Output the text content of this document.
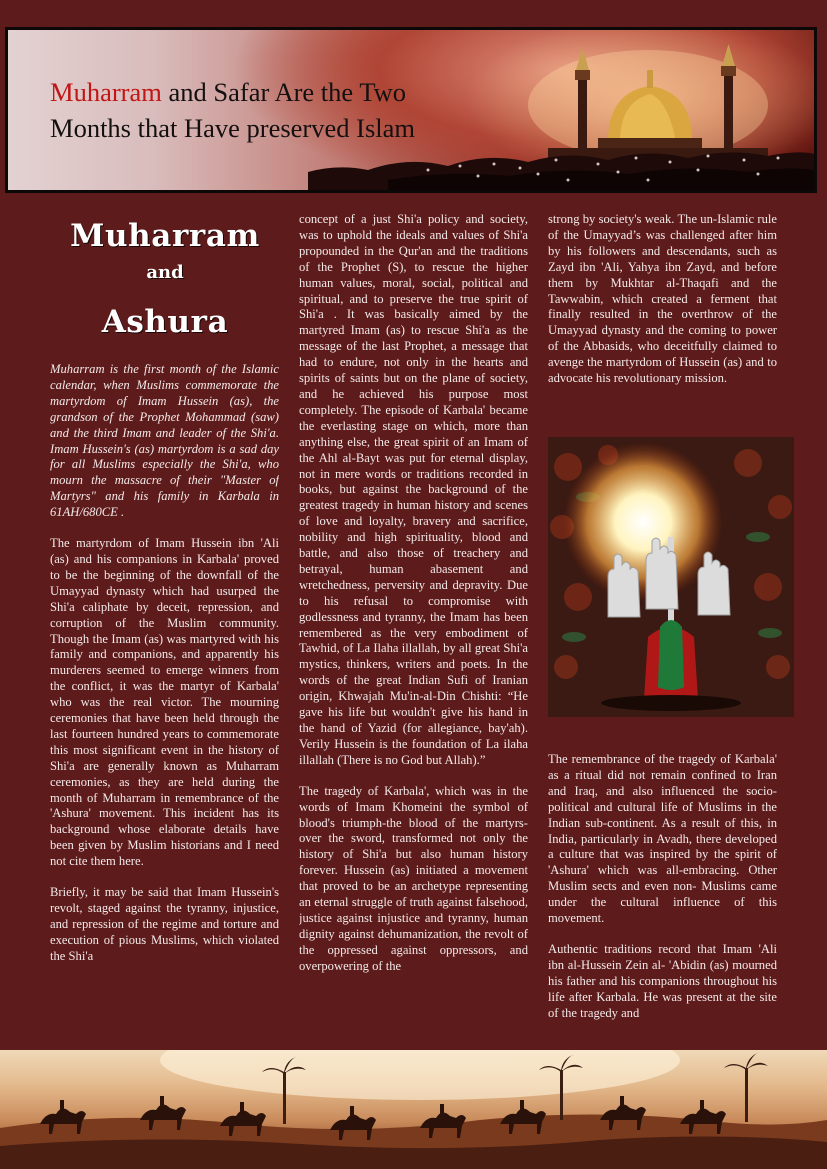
Muharram and Safar Are the Two
Months that Have preserved Islam
Muharram
and
Ashura

Muharram is the first month of the Islamic calendar, when Muslims commemorate the martyrdom of Imam Hussein (as), the grandson of the Prophet Mohammad (saw) and the third Imam and leader of the Shi'a. Imam Hussein's (as) martyrdom is a sad day for all Muslims especially the Shi'a, who mourn the massacre of their "Master of Martyrs" and his family in Karbala in 61AH/680CE .

The martyrdom of Imam Hussein ibn 'Ali (as) and his companions in Karbala' proved to be the beginning of the downfall of the Umayyad dynasty which had usurped the Shi'a caliphate by deceit, repression, and corruption of the Muslim community. Though the Imam (as) was martyred with his family and companions, and apparently his murderers seemed to emerge winners from the conflict, it was the martyr of Karbala' who was the real victor. The mourning ceremonies that have been held through the last fourteen hundred years to commemorate this most significant event in the history of Shi'a are generally known as Muharram ceremonies, as they are held during the month of Muharram in remembrance of the 'Ashura' movement. This incident has its background whose elaborate details have been given by Muslim historians and I need not cite them here.

Briefly, it may be said that Imam Hussein's revolt, staged against the tyranny, injustice, and repression of the regime and torture and execution of pious Muslims, which violated the Shi'a

concept of a just Shi'a policy and society, was to uphold the ideals and values of Shi'a propounded in the Qur'an and the traditions of the Prophet (S), to rescue the higher human values, moral, social, political and spiritual, and to preserve the true spirit of Shi'a . It was basically aimed by the martyred Imam (as) to rescue Shi'a as the message of the last Prophet, a message that had to endure, not only in the hearts and spirits of saints but on the plane of society, and he achieved his purpose most completely. The episode of Karbala' became the everlasting stage on which, more than anything else, the great spirit of an Imam of the Ahl al-Bayt was put for eternal display, not in mere words or traditions recorded in books, but against the background of the greatest tragedy in human history and scenes of love and loyalty, bravery and sacrifice, nobility and high spirituality, blood and battle, and also those of treachery and betrayal, human abasement and wretchedness, perversity and depravity. Due to his refusal to compromise with godlessness and tyranny, the Imam has been remembered as the very embodiment of Tawhid, of La Ilaha illallah, by all great Shi'a mystics, thinkers, writers and poets. In the words of the great Indian Sufi of Iranian origin, Khwajah Mu'in-al-Din Chishti: “He gave his life but wouldn't give his hand in the hand of Yazid (for allegiance, bay'ah). Verily Hussein is the foundation of La ilaha illallah (There is no God but Allah).”

The tragedy of Karbala', which was in the words of Imam Khomeini the symbol of blood's triumph-the blood of the martyrs-over the sword, transformed not only the history of Shi'a but also human history forever. Hussein (as) initiated a movement that proved to be an archetype representing an eternal struggle of truth against falsehood, justice against injustice and tyranny, human dignity against dehumanization, the revolt of the oppressed against oppressors, and overpowering of the

strong by society's weak. The un-Islamic rule of the Umayyad’s was challenged after him by his followers and descendants, such as Zayd ibn 'Ali, Yahya ibn Zayd, and before them by Mukhtar al-Thaqafi and the Tawwabin, which created a ferment that finally resulted in the overthrow of the Umayyad dynasty and the coming to power of the Abbasids, who deceitfully claimed to avenge the martyrdom of Hussein (as) and to advocate his revolutionary mission.

The remembrance of the tragedy of Karbala' as a ritual did not remain confined to Iran and Iraq, and also influenced the socio-political and cultural life of Muslims in the Indian sub-continent. As a result of this, in India, particularly in Avadh, there developed a culture that was inspired by the spirit of 'Ashura' which was all-embracing. Other Muslim sects and even non- Muslims came under the cultural influence of this movement.

Authentic traditions record that Imam 'Ali ibn al-Hussein Zein al- 'Abidin (as) mourned his father and his companions throughout his life after Karbala. He was present at the site of the tragedy and
